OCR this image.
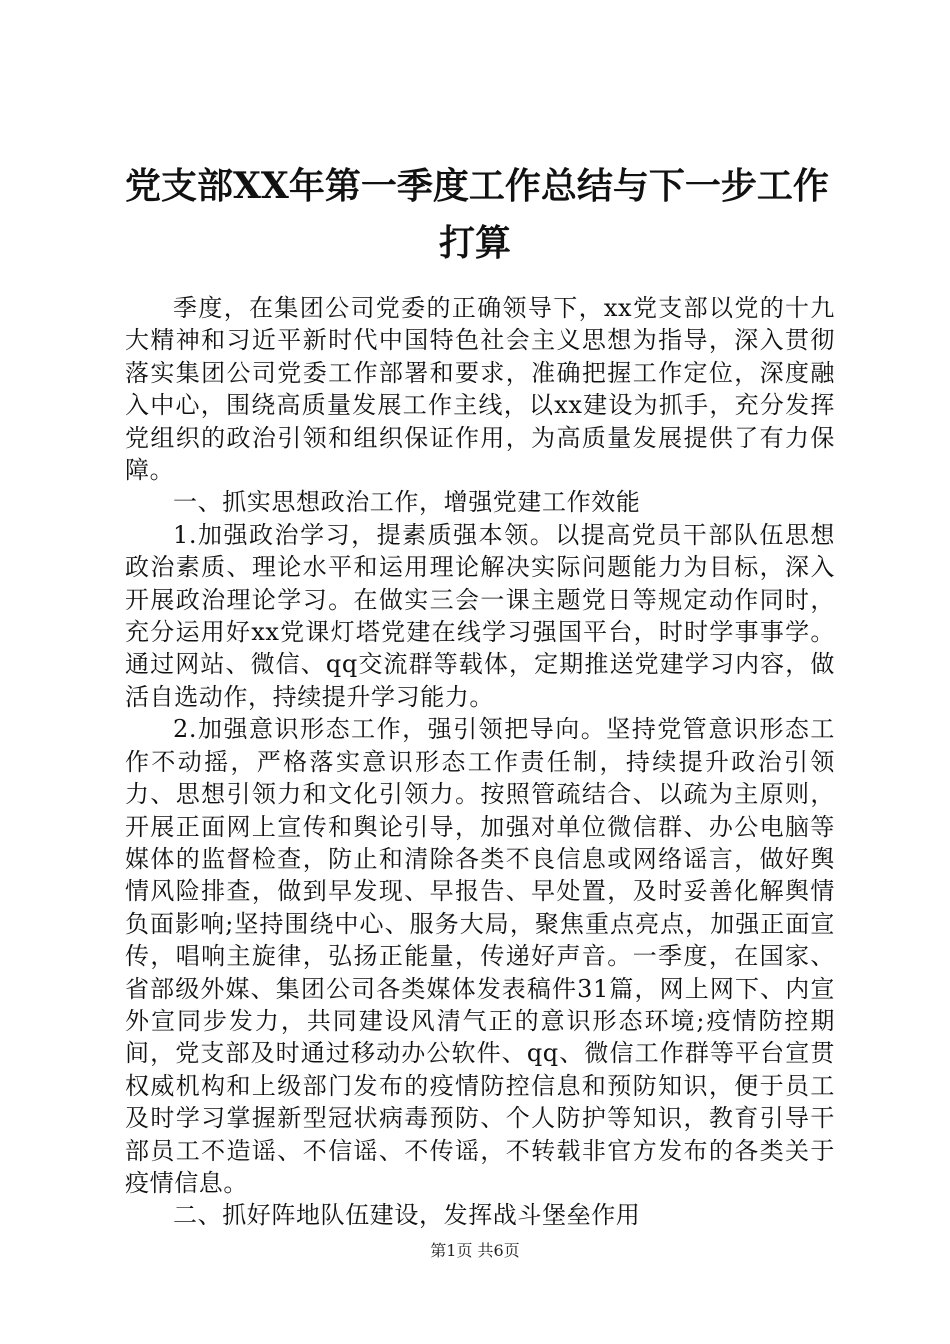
党支部XX年第一季度工作总结与下一步工作
打算

季度，在集团公司党委的正确领导下，xx党支部以党的十九大精神和习近平新时代中国特色社会主义思想为指导，深入贯彻落实集团公司党委工作部署和要求，准确把握工作定位，深度融入中心，围绕高质量发展工作主线，以xx建设为抓手，充分发挥党组织的政治引领和组织保证作用，为高质量发展提供了有力保障。

一、抓实思想政治工作，增强党建工作效能

1.加强政治学习，提素质强本领。以提高党员干部队伍思想政治素质、理论水平和运用理论解决实际问题能力为目标，深入开展政治理论学习。在做实三会一课主题党日等规定动作同时，充分运用好xx党课灯塔党建在线学习强国平台，时时学事事学。通过网站、微信、qq交流群等载体，定期推送党建学习内容，做活自选动作，持续提升学习能力。

2.加强意识形态工作，强引领把导向。坚持党管意识形态工作不动摇，严格落实意识形态工作责任制，持续提升政治引领力、思想引领力和文化引领力。按照管疏结合、以疏为主原则，开展正面网上宣传和舆论引导，加强对单位微信群、办公电脑等媒体的监督检查，防止和清除各类不良信息或网络谣言，做好舆情风险排查，做到早发现、早报告、早处置，及时妥善化解舆情负面影响;坚持围绕中心、服务大局，聚焦重点亮点，加强正面宣传，唱响主旋律，弘扬正能量，传递好声音。一季度，在国家、省部级外媒、集团公司各类媒体发表稿件31篇，网上网下、内宣外宣同步发力，共同建设风清气正的意识形态环境;疫情防控期间，党支部及时通过移动办公软件、qq、微信工作群等平台宣贯权威机构和上级部门发布的疫情防控信息和预防知识，便于员工及时学习掌握新型冠状病毒预防、个人防护等知识，教育引导干部员工不造谣、不信谣、不传谣，不转载非官方发布的各类关于疫情信息。

二、抓好阵地队伍建设，发挥战斗堡垒作用

第1页 共6页
